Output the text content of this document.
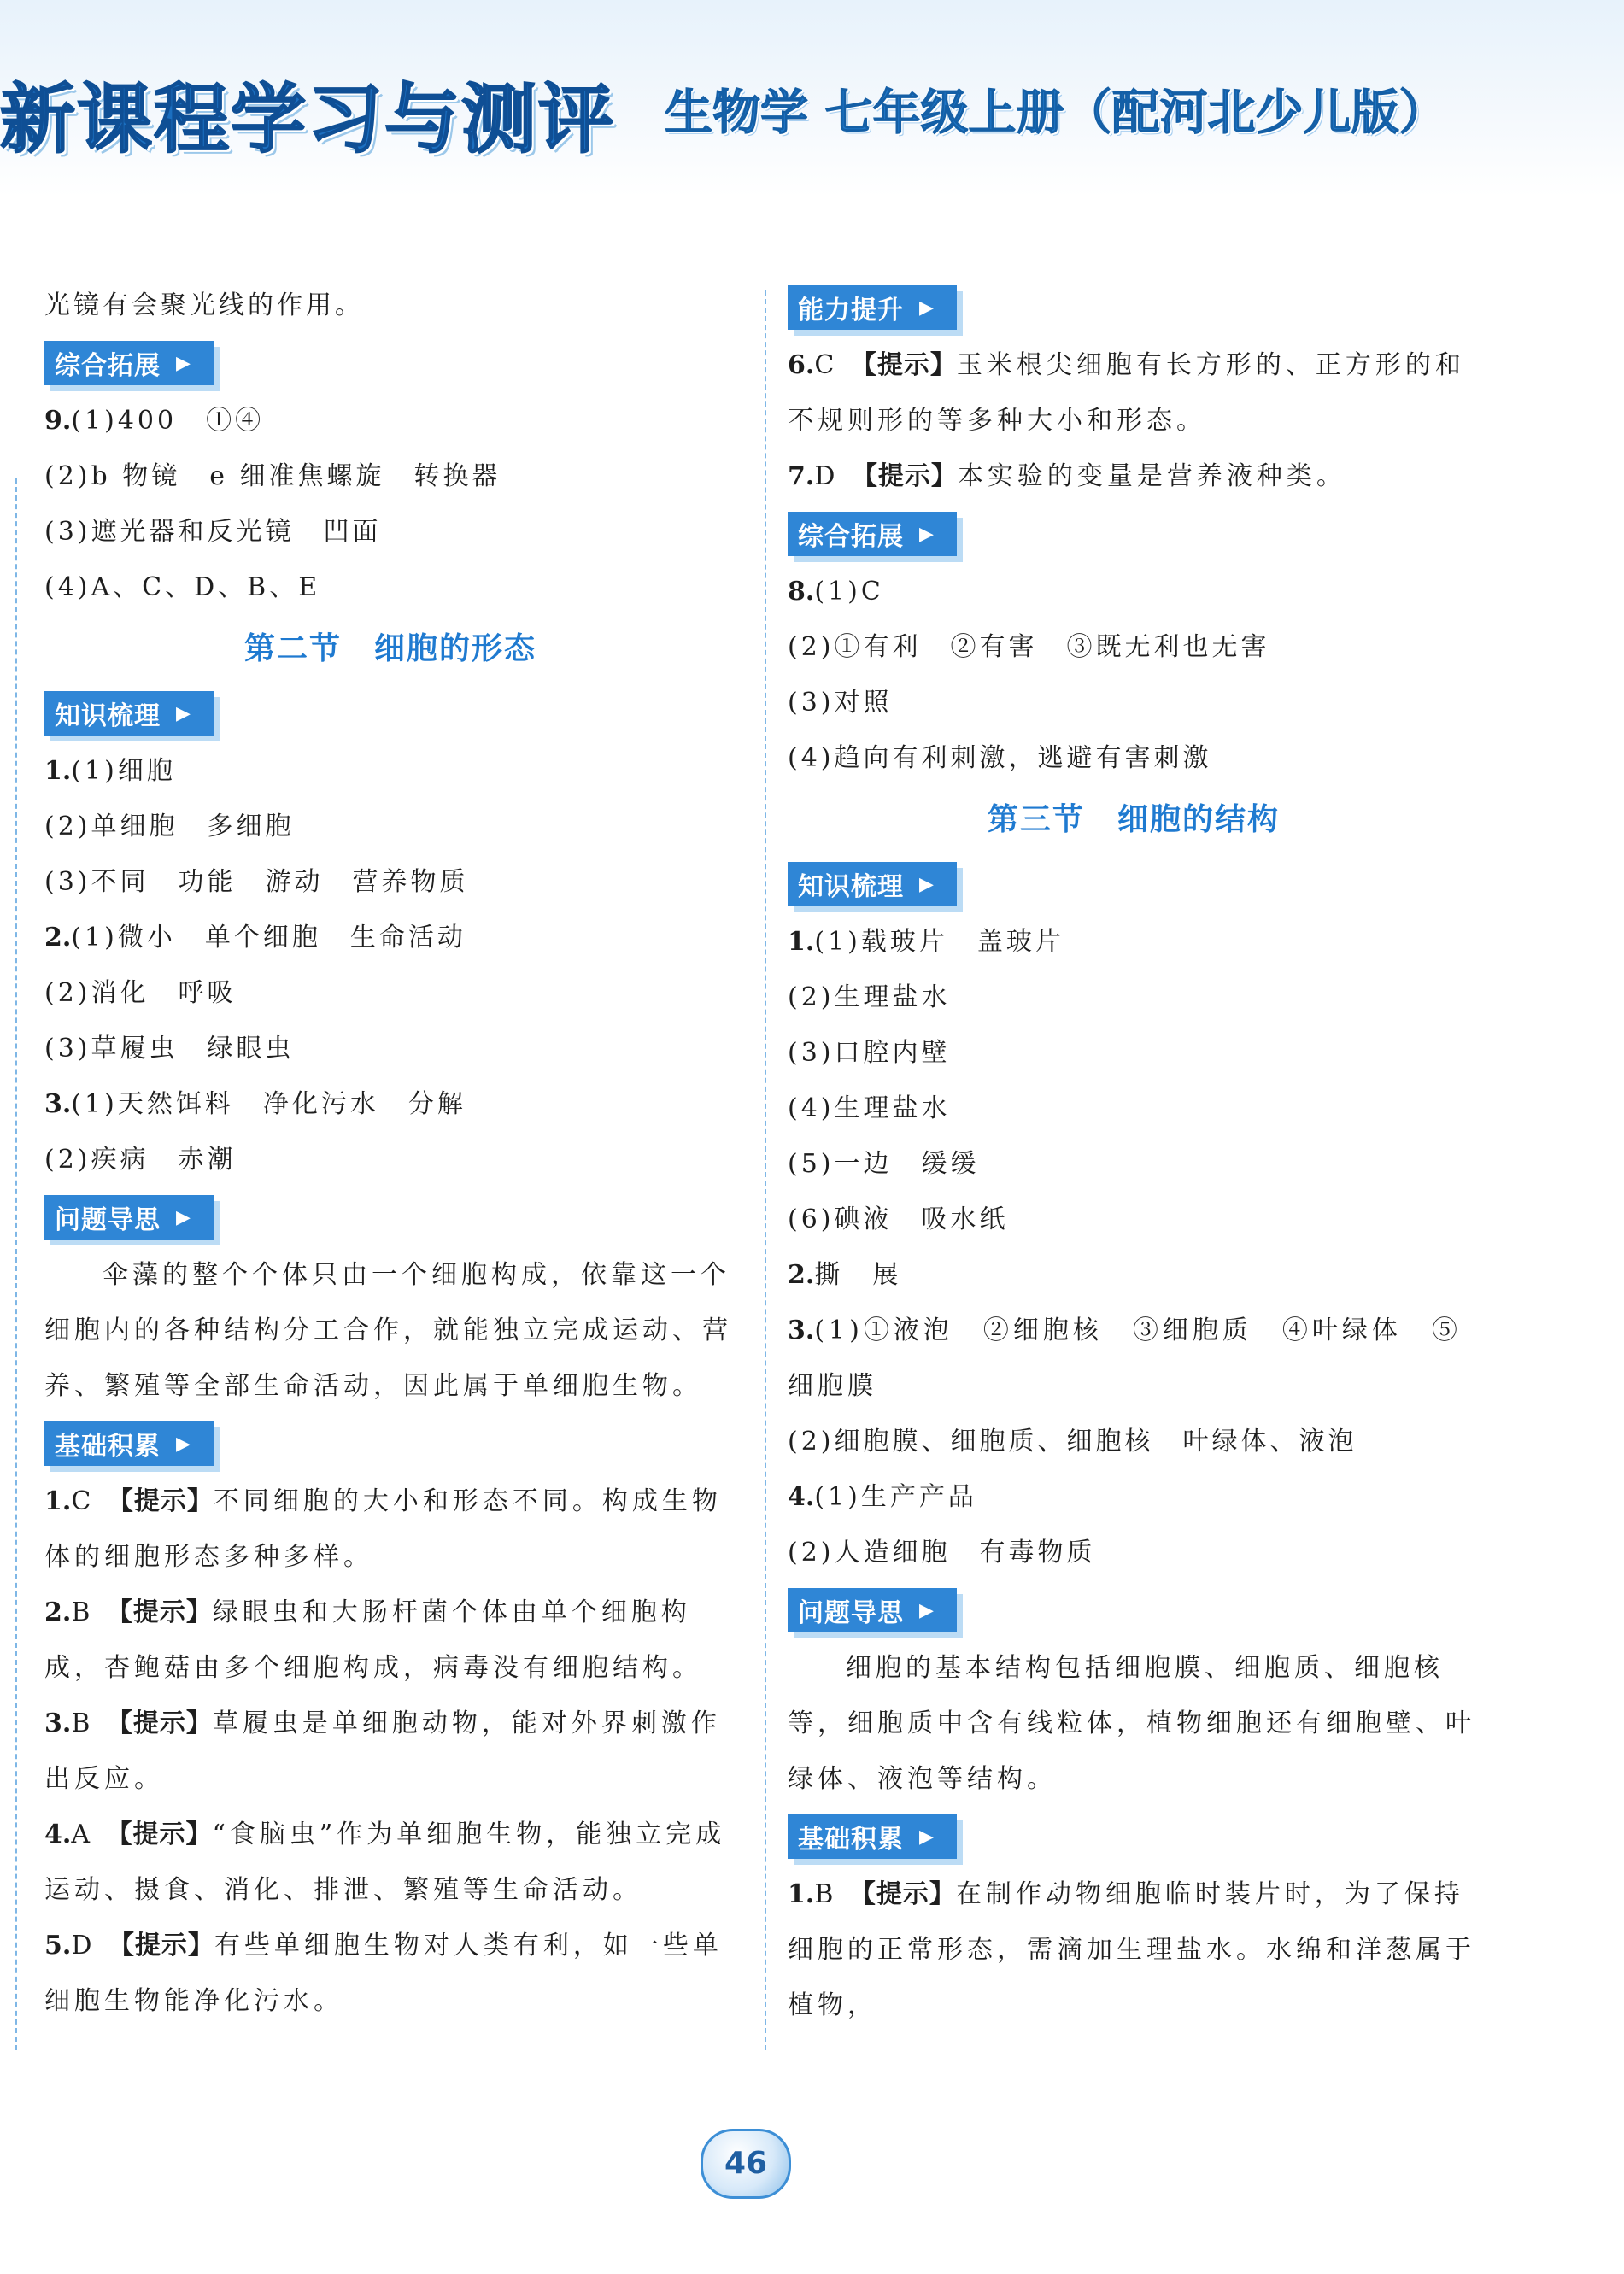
新课程学习与测评 生物学 七年级上册（配河北少儿版）
光镜有会聚光线的作用。
综合拓展 ▶
9.(1)400　①④
(2)b 物镜　e 细准焦螺旋　转换器
(3)遮光器和反光镜　凹面
(4)A、C、D、B、E
第二节　细胞的形态
知识梳理 ▶
1.(1)细胞
(2)单细胞　多细胞
(3)不同　功能　游动　营养物质
2.(1)微小　单个细胞　生命活动
(2)消化　呼吸
(3)草履虫　绿眼虫
3.(1)天然饵料　净化污水　分解
(2)疾病　赤潮
问题导思 ▶
伞藻的整个个体只由一个细胞构成，依靠这一个细胞内的各种结构分工合作，就能独立完成运动、营养、繁殖等全部生命活动，因此属于单细胞生物。
基础积累 ▶
1.C 【提示】不同细胞的大小和形态不同。构成生物体的细胞形态多种多样。
2.B 【提示】绿眼虫和大肠杆菌个体由单个细胞构成，杏鲍菇由多个细胞构成，病毒没有细胞结构。
3.B 【提示】草履虫是单细胞动物，能对外界刺激作出反应。
4.A 【提示】“食脑虫”作为单细胞生物，能独立完成运动、摄食、消化、排泄、繁殖等生命活动。
5.D 【提示】有些单细胞生物对人类有利，如一些单细胞生物能净化污水。
能力提升 ▶
6.C 【提示】玉米根尖细胞有长方形的、正方形的和不规则形的等多种大小和形态。
7.D 【提示】本实验的变量是营养液种类。
综合拓展 ▶
8.(1)C
(2)①有利　②有害　③既无利也无害
(3)对照
(4)趋向有利刺激，逃避有害刺激
第三节　细胞的结构
知识梳理 ▶
1.(1)载玻片　盖玻片
(2)生理盐水
(3)口腔内壁
(4)生理盐水
(5)一边　缓缓
(6)碘液　吸水纸
2.撕　展
3.(1)①液泡　②细胞核　③细胞质　④叶绿体　⑤细胞膜
(2)细胞膜、细胞质、细胞核　叶绿体、液泡
4.(1)生产产品
(2)人造细胞　有毒物质
问题导思 ▶
细胞的基本结构包括细胞膜、细胞质、细胞核等，细胞质中含有线粒体，植物细胞还有细胞壁、叶绿体、液泡等结构。
基础积累 ▶
1.B 【提示】在制作动物细胞临时装片时，为了保持细胞的正常形态，需滴加生理盐水。水绵和洋葱属于植物，
46
